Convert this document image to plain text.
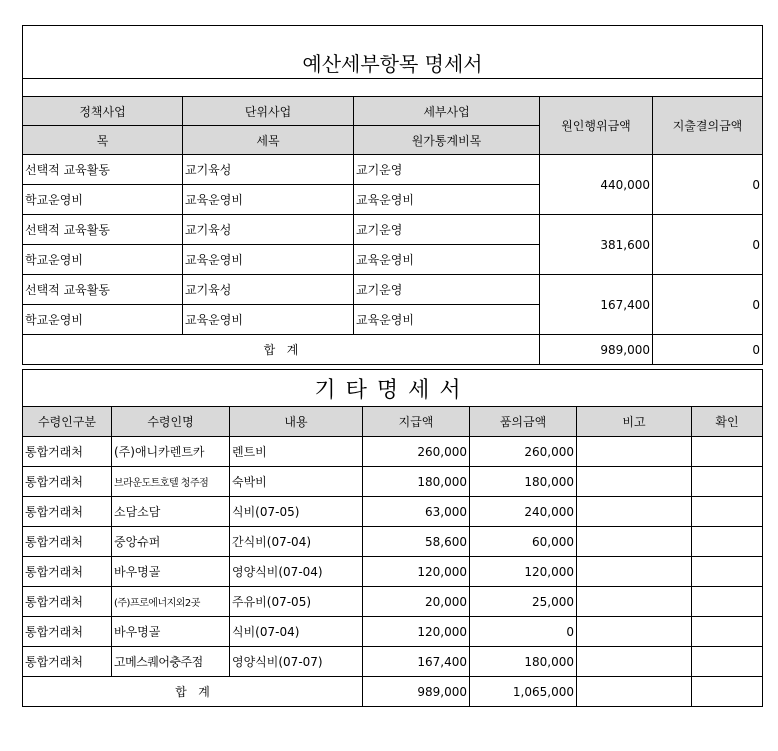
예산세부항목 명세서				

정책사업	단위사업	세부사업	원인행위금액	지출결의금액
목	세목	원가통계비목		
선택적 교육활동	교기육성	교기운영	440,000	0
학교운영비	교육운영비	교육운영비		
선택적 교육활동	교기육성	교기운영	381,600	0
학교운영비	교육운영비	교육운영비		
선택적 교육활동	교기육성	교기운영	167,400	0
학교운영비	교육운영비	교육운영비		
합   계			989,000	0
기타명세서						
수령인구분	수령인명	내용	지급액	품의금액	비고	확인
통합거래처	(주)애니카렌트카	렌트비	260,000	260,000		
통합거래처	브라운도트호텔 청주점	숙박비	180,000	180,000		
통합거래처	소담소담	식비(07-05)	63,000	240,000		
통합거래처	중앙슈퍼	간식비(07-04)	58,600	60,000		
통합거래처	바우명골	영양식비(07-04)	120,000	120,000		
통합거래처	(주)프로에너지외2곳	주유비(07-05)	20,000	25,000		
통합거래처	바우명골	식비(07-04)	120,000	0		
통합거래처	고메스퀘어충주점	영양식비(07-07)	167,400	180,000		
합   계			989,000	1,065,000		
